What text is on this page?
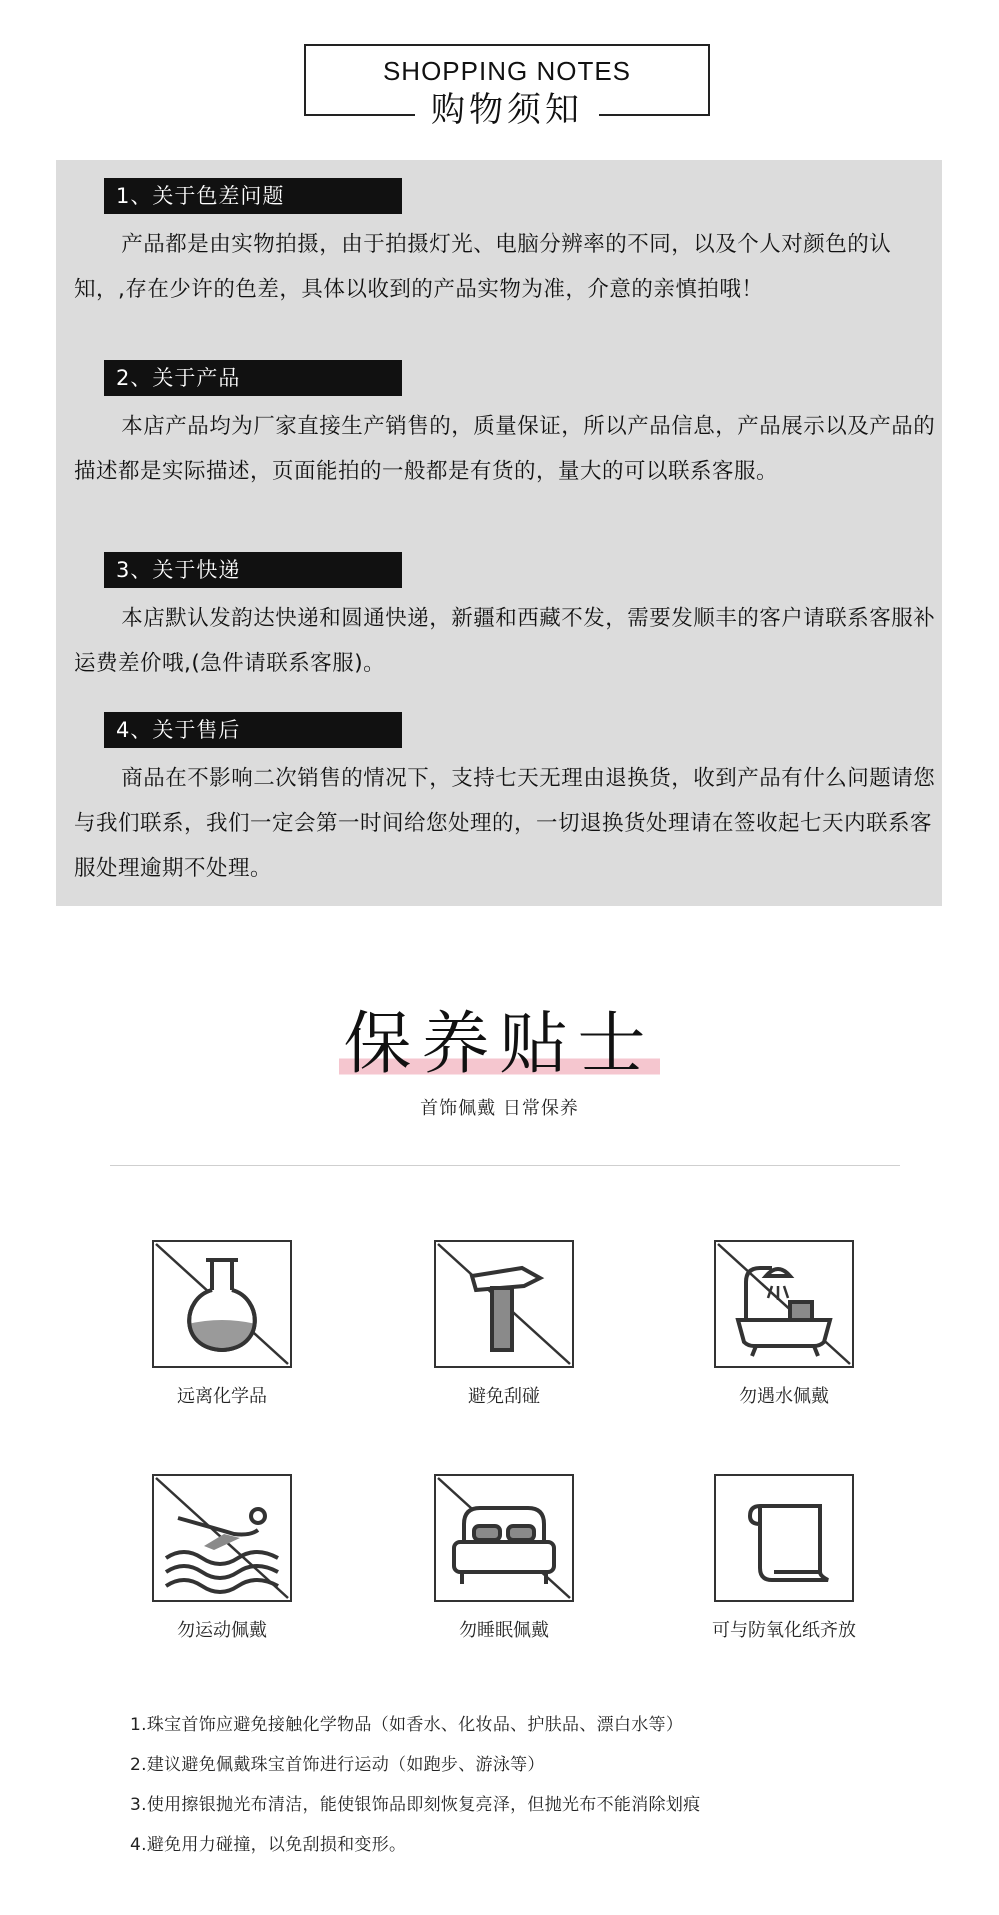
SHOPPING NOTES
购物须知
1、关于色差问题
产品都是由实物拍摄，由于拍摄灯光、电脑分辨率的不同，以及个人对颜色的认知，,存在少许的色差，具体以收到的产品实物为准，介意的亲慎拍哦！
2、关于产品
本店产品均为厂家直接生产销售的，质量保证，所以产品信息，产品展示以及产品的描述都是实际描述，页面能拍的一般都是有货的，量大的可以联系客服。
3、关于快递
本店默认发韵达快递和圆通快递，新疆和西藏不发，需要发顺丰的客户请联系客服补运费差价哦,(急件请联系客服)。
4、关于售后
商品在不影响二次销售的情况下，支持七天无理由退换货，收到产品有什么问题请您与我们联系，我们一定会第一时间给您处理的，一切退换货处理请在签收起七天内联系客服处理逾期不处理。
保养贴士
首饰佩戴 日常保养
远离化学品	避免刮碰	勿遇水佩戴
勿运动佩戴	勿睡眠佩戴	可与防氧化纸齐放
1.珠宝首饰应避免接触化学物品（如香水、化妆品、护肤品、漂白水等）
2.建议避免佩戴珠宝首饰进行运动（如跑步、游泳等）
3.使用擦银抛光布清洁，能使银饰品即刻恢复亮泽，但抛光布不能消除划痕
4.避免用力碰撞，以免刮损和变形。
